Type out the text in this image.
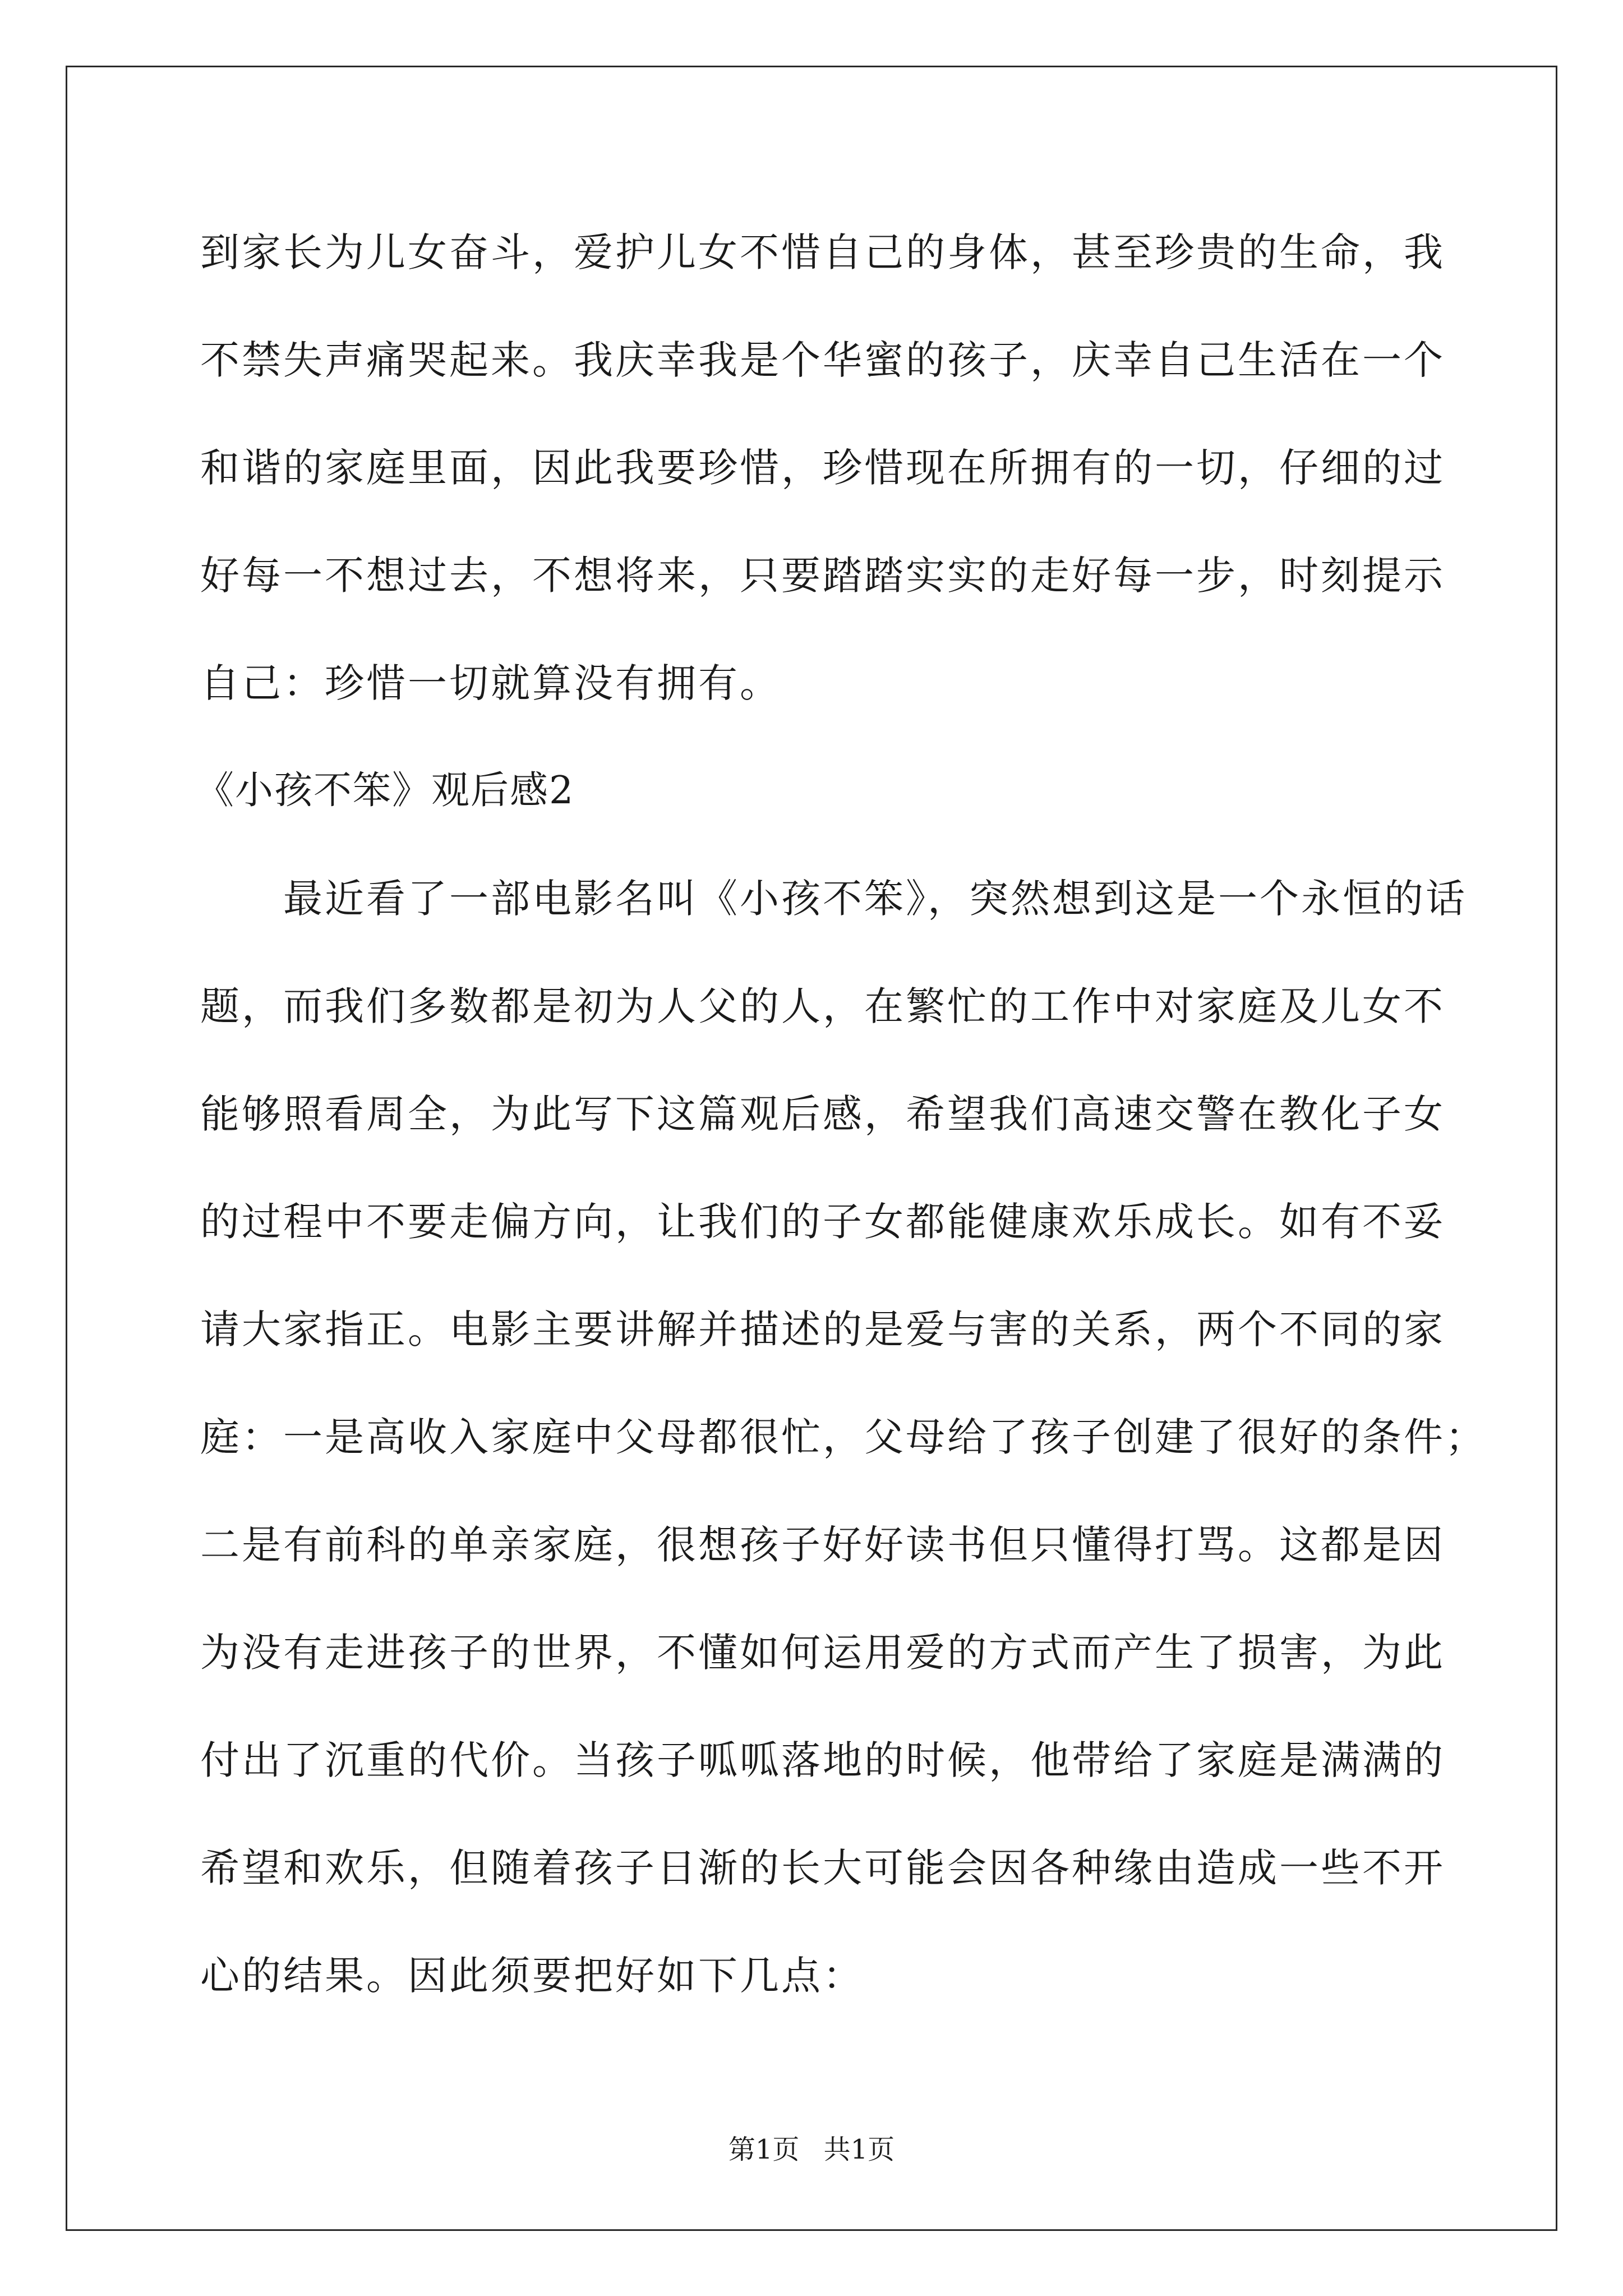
到家长为儿女奋斗，爱护儿女不惜自己的身体，甚至珍贵的生命，我
不禁失声痛哭起来。我庆幸我是个华蜜的孩子，庆幸自己生活在一个
和谐的家庭里面，因此我要珍惜，珍惜现在所拥有的一切，仔细的过
好每一不想过去，不想将来，只要踏踏实实的走好每一步，时刻提示
自己：珍惜一切就算没有拥有。
《小孩不笨》观后感2
最近看了一部电影名叫《小孩不笨》，突然想到这是一个永恒的话
题，而我们多数都是初为人父的人，在繁忙的工作中对家庭及儿女不
能够照看周全，为此写下这篇观后感，希望我们高速交警在教化子女
的过程中不要走偏方向，让我们的子女都能健康欢乐成长。如有不妥
请大家指正。电影主要讲解并描述的是爱与害的关系，两个不同的家
庭：一是高收入家庭中父母都很忙，父母给了孩子创建了很好的条件；
二是有前科的单亲家庭，很想孩子好好读书但只懂得打骂。这都是因
为没有走进孩子的世界，不懂如何运用爱的方式而产生了损害，为此
付出了沉重的代价。当孩子呱呱落地的时候，他带给了家庭是满满的
希望和欢乐，但随着孩子日渐的长大可能会因各种缘由造成一些不开
心的结果。因此须要把好如下几点：
第1页 共1页
